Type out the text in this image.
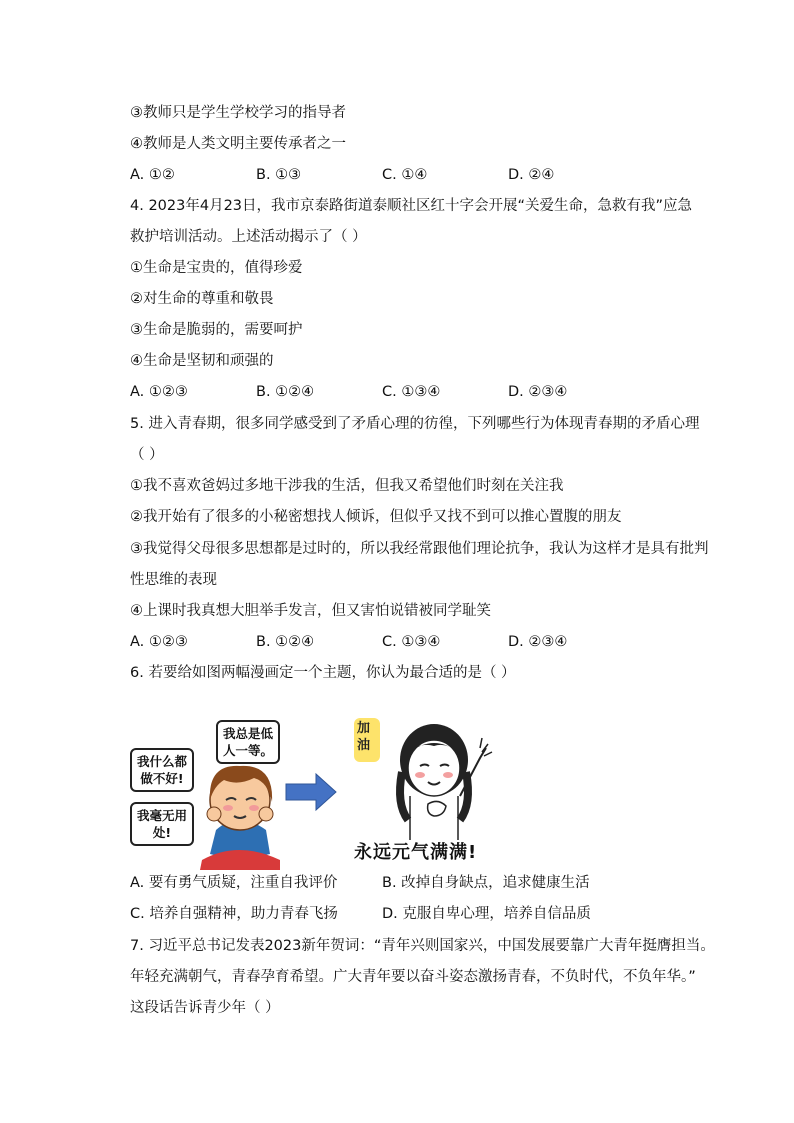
③教师只是学生学校学习的指导者
④教师是人类文明主要传承者之一
A. ①②	B. ①③	C. ①④	D. ②④
4. 2023年4月23日，我市京泰路街道泰顺社区红十字会开展“关爱生命，急救有我”应急
救护培训活动。上述活动揭示了（ ）
①生命是宝贵的，值得珍爱
②对生命的尊重和敬畏
③生命是脆弱的，需要呵护
④生命是坚韧和顽强的
A. ①②③	B. ①②④	C. ①③④	D. ②③④
5. 进入青春期，很多同学感受到了矛盾心理的彷徨，下列哪些行为体现青春期的矛盾心理
（ ）
①我不喜欢爸妈过多地干涉我的生活，但我又希望他们时刻在关注我
②我开始有了很多的小秘密想找人倾诉，但似乎又找不到可以推心置腹的朋友
③我觉得父母很多思想都是过时的，所以我经常跟他们理论抗争，我认为这样才是具有批判
性思维的表现
④上课时我真想大胆举手发言，但又害怕说错被同学耻笑
A. ①②③	B. ①②④	C. ①③④	D. ②③④
6. 若要给如图两幅漫画定一个主题，你认为最合适的是（ ）
我总是低
人一等。
我什么都
做不好!
我毫无用
处!
加油
永远元气满满!
A. 要有勇气质疑，注重自我评价	B. 改掉自身缺点，追求健康生活
C. 培养自强精神，助力青春飞扬	D. 克服自卑心理，培养自信品质
7. 习近平总书记发表2023新年贺词：“青年兴则国家兴，中国发展要靠广大青年挺膺担当。
年轻充满朝气，青春孕育希望。广大青年要以奋斗姿态激扬青春，不负时代，不负年华。”
这段话告诉青少年（ ）
